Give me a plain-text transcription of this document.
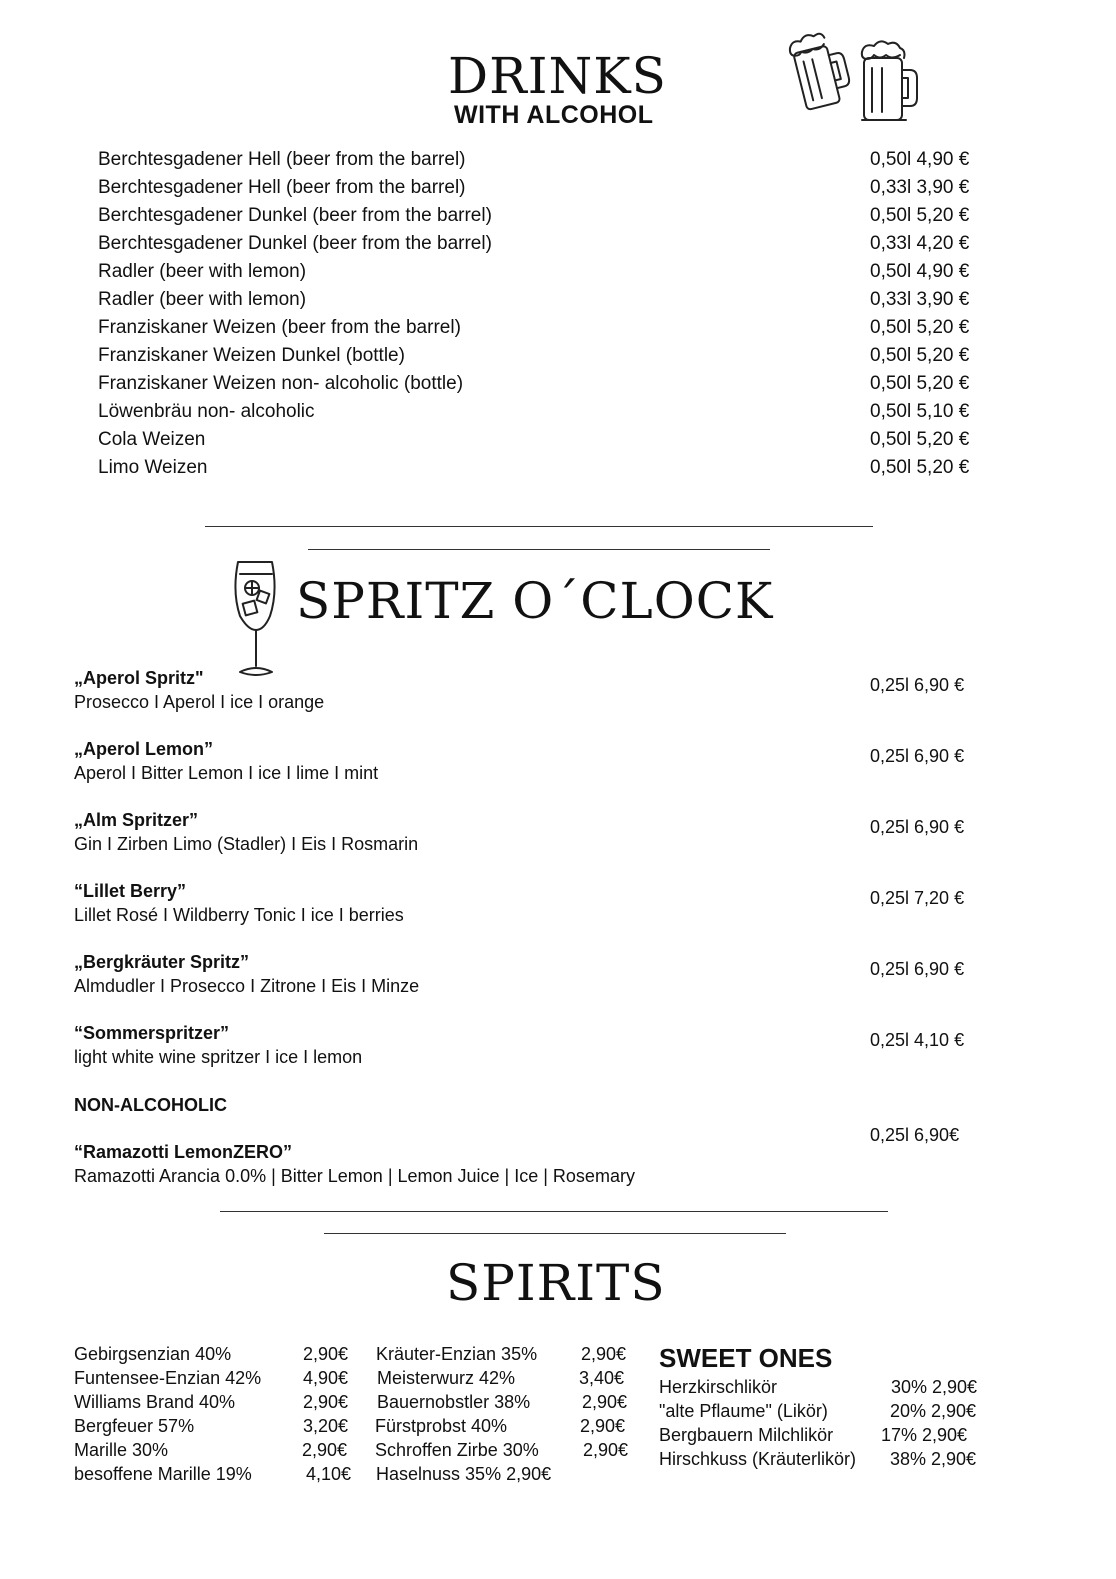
DRINKS
WITH ALCOHOL
Berchtesgadener Hell (beer from the barrel)	0,50l 4,90 €
Berchtesgadener Hell (beer from the barrel)	0,33l 3,90 €
Berchtesgadener Dunkel (beer from the barrel)	0,50l 5,20 €
Berchtesgadener Dunkel (beer from the barrel)	0,33l 4,20 €
Radler (beer with lemon)	0,50l 4,90 €
Radler (beer with lemon)	0,33l 3,90 €
Franziskaner Weizen (beer from the barrel)	0,50l 5,20 €
Franziskaner Weizen Dunkel (bottle)	0,50l 5,20 €
Franziskaner Weizen non- alcoholic (bottle)	0,50l 5,20 €
Löwenbräu non- alcoholic	0,50l 5,10 €
Cola Weizen	0,50l 5,20 €
Limo Weizen	0,50l 5,20 €
SPRITZ O´CLOCK
„Aperol Spritz"
Prosecco I Aperol I ice I orange
0,25l 6,90 €
„Aperol Lemon”
Aperol I Bitter Lemon I ice I lime I mint
0,25l 6,90 €
„Alm Spritzer”
Gin I Zirben Limo (Stadler) I Eis I Rosmarin
0,25l 6,90 €
“Lillet Berry”
Lillet Rosé I Wildberry Tonic I ice I berries
0,25l 7,20 €
„Bergkräuter Spritz”
Almdudler I Prosecco I Zitrone I Eis I Minze
0,25l 6,90 €
“Sommerspritzer”
light white wine spritzer I ice I lemon
0,25l 4,10 €
NON-ALCOHOLIC
“Ramazotti LemonZERO”
Ramazotti Arancia 0.0% | Bitter Lemon | Lemon Juice | Ice | Rosemary
0,25l 6,90€
SPIRITS
Gebirgsenzian 40%	2,90€
Funtensee-Enzian 42% 4,90€
Williams Brand 40%	2,90€
Bergfeuer 57%	3,20€
Marille 30%	2,90€
besoffene Marille 19%	4,10€
Kräuter-Enzian 35% 2,90€
Meisterwurz 42%	3,40€
Bauernobstler 38%	2,90€
Fürstprobst 40%	2,90€
Schroffen Zirbe 30% 2,90€
Haselnuss 35% 2,90€
SWEET ONES
Herzkirschlikör	30% 2,90€
"alte Pflaume" (Likör)	20% 2,90€
Bergbauern Milchlikör	17% 2,90€
Hirschkuss (Kräuterlikör) 38% 2,90€
